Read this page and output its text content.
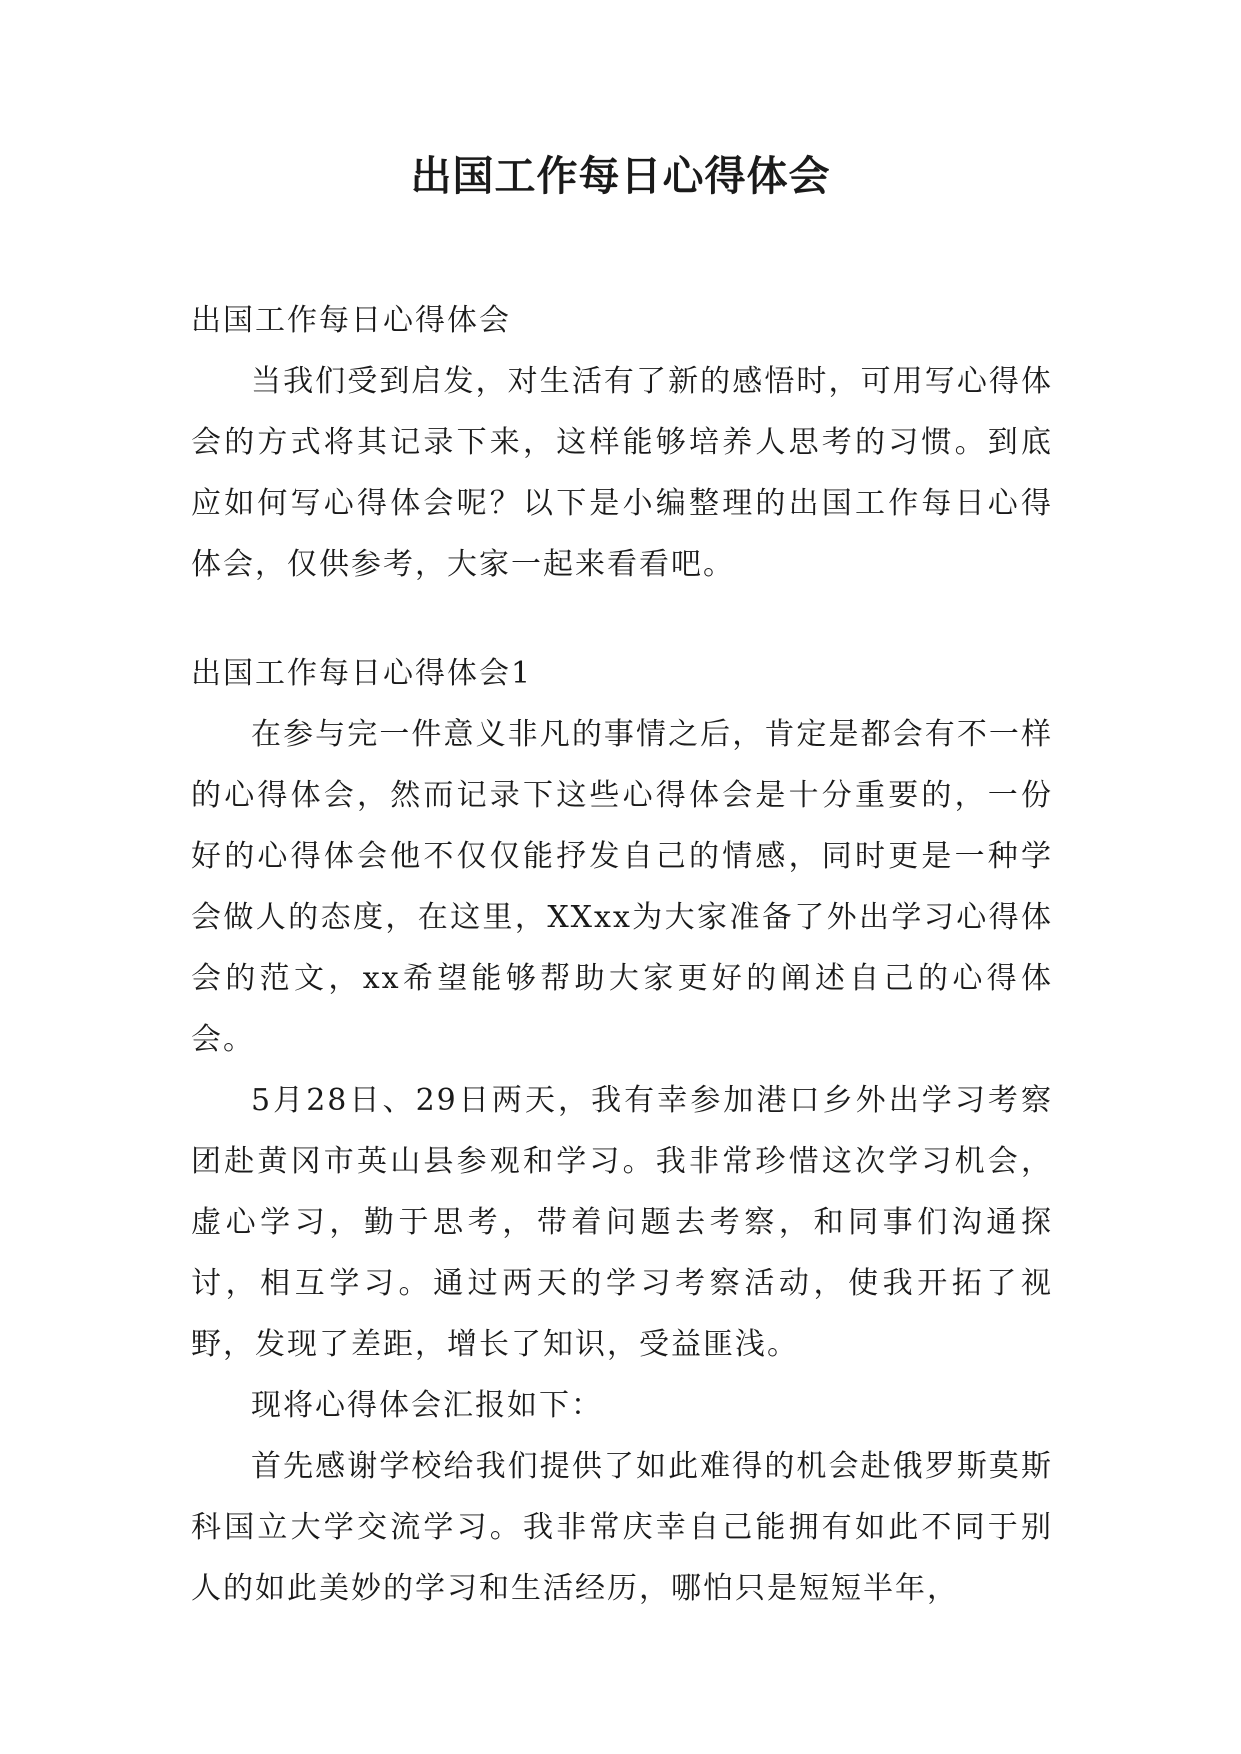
出国工作每日心得体会

出国工作每日心得体会

当我们受到启发，对生活有了新的感悟时，可用写心得体会的方式将其记录下来，这样能够培养人思考的习惯。到底应如何写心得体会呢？以下是小编整理的出国工作每日心得体会，仅供参考，大家一起来看看吧。

出国工作每日心得体会1

在参与完一件意义非凡的事情之后，肯定是都会有不一样的心得体会，然而记录下这些心得体会是十分重要的，一份好的心得体会他不仅仅能抒发自己的情感，同时更是一种学会做人的态度，在这里，XXxx为大家准备了外出学习心得体会的范文，xx希望能够帮助大家更好的阐述自己的心得体会。

5月28日、29日两天，我有幸参加港口乡外出学习考察团赴黄冈市英山县参观和学习。我非常珍惜这次学习机会，虚心学习，勤于思考，带着问题去考察，和同事们沟通探讨，相互学习。通过两天的学习考察活动，使我开拓了视野，发现了差距，增长了知识，受益匪浅。

现将心得体会汇报如下：

首先感谢学校给我们提供了如此难得的机会赴俄罗斯莫斯科国立大学交流学习。我非常庆幸自己能拥有如此不同于别人的如此美妙的学习和生活经历，哪怕只是短短半年，
